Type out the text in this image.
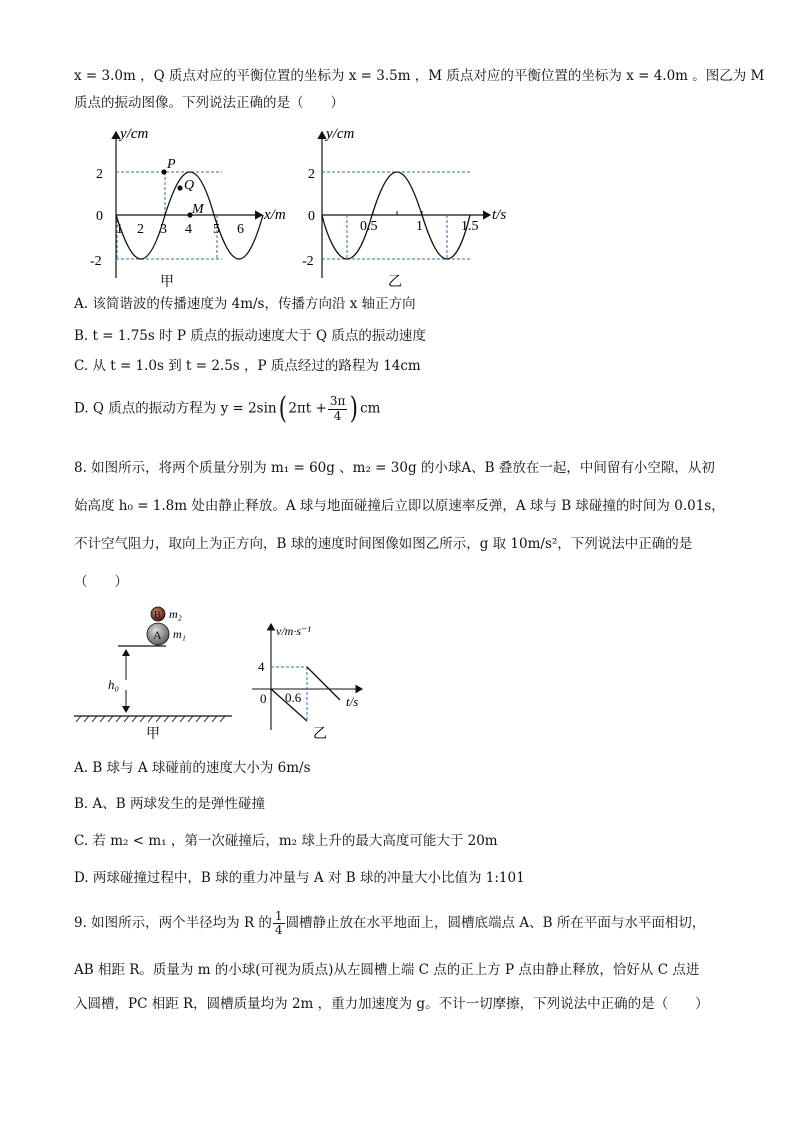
x = 3.0m ，Q 质点对应的平衡位置的坐标为 x = 3.5m ，M 质点对应的平衡位置的坐标为 x = 4.0m 。图乙为 M
质点的振动图像。下列说法正确的是（　　）
2
0
-2
1 2 3 4 5 6
y/cm
x/m
P
Q
M
甲
2
0
-2
0.5	1	1.5
y/cm
t/s
乙
A. 该简谐波的传播速度为 4m/s，传播方向沿 x 轴正方向
B. t = 1.75s 时 P 质点的振动速度大于 Q 质点的振动速度
C. 从 t = 1.0s 到 t = 2.5s ，P 质点经过的路程为 14cm
D. Q 质点的振动方程为 y = 2sin( $2\pi t + \frac{3\pi}{4}$ ) cm
8. 如图所示，将两个质量分别为 m₁ = 60g 、m₂ = 30g 的小球A、B 叠放在一起，中间留有小空隙，从初
始高度 h₀ = 1.8m 处由静止释放。A 球与地面碰撞后立即以原速率反弹，A 球与 B 球碰撞的时间为 0.01s，
不计空气阻力，取向上为正方向，B 球的速度时间图像如图乙所示，g 取 10m/s²，下列说法中正确的是
（　　）
B
A
m₂
m₁
h₀
甲
v/m·s⁻¹
t/s
4
0 0.6
乙
A. B 球与 A 球碰前的速度大小为 6m/s
B. A、B 两球发生的是弹性碰撞
C. 若 m₂ < m₁ ，第一次碰撞后，m₂ 球上升的最大高度可能大于 20m
D. 两球碰撞过程中，B 球的重力冲量与 A 对 B 球的冲量大小比值为 1:101
9. 如图所示，两个半径均为 R 的 $\frac{1}{4}$ 圆槽静止放在水平地面上，圆槽底端点 A、B 所在平面与水平面相切，
AB 相距 R。质量为 m 的小球(可视为质点)从左圆槽上端 C 点的正上方 P 点由静止释放，恰好从 C 点进
入圆槽，PC 相距 R，圆槽质量均为 2m ，重力加速度为 g。不计一切摩擦，下列说法中正确的是（　　）
